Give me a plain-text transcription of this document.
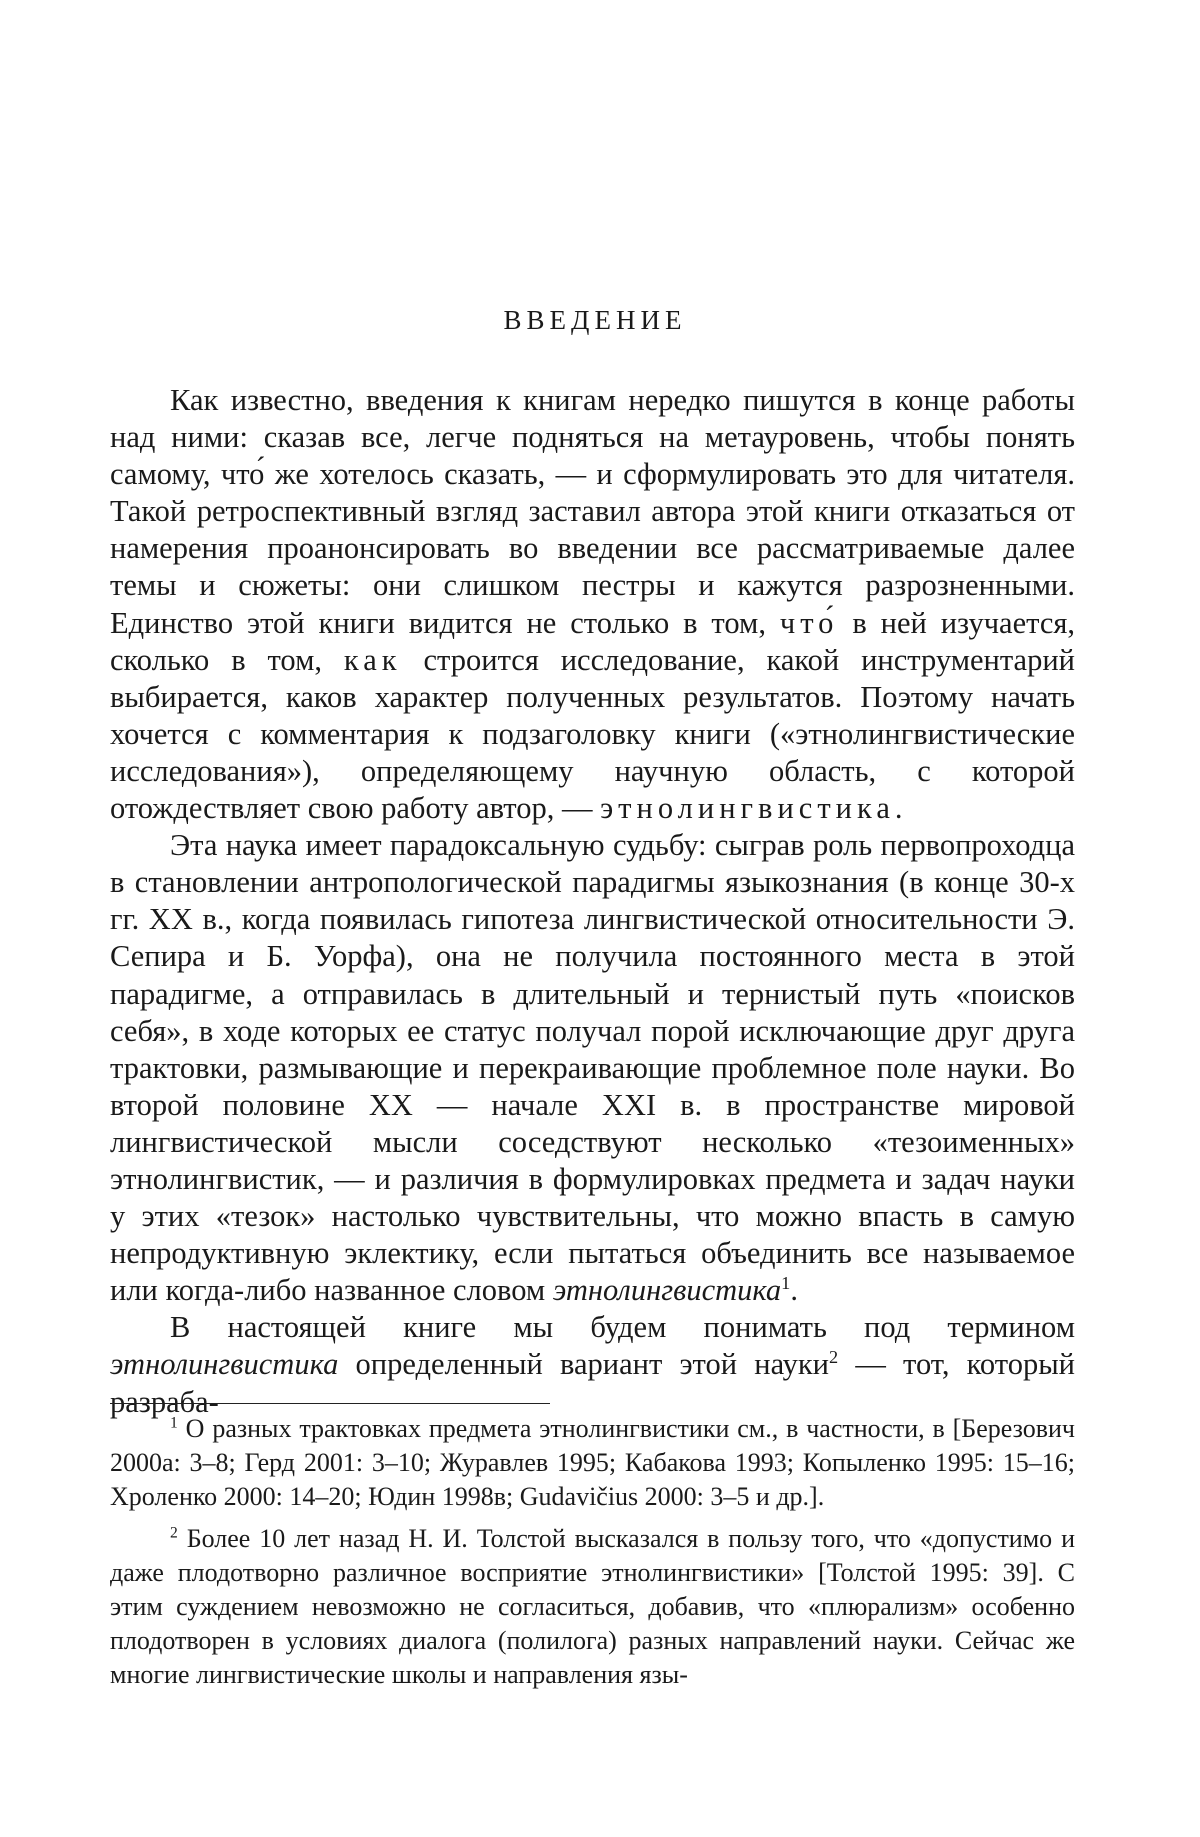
ВВЕДЕНИЕ

Как известно, введения к книгам нередко пишутся в конце работы над ними: сказав все, легче подняться на метауровень, чтобы понять самому, что́ же хотелось сказать, — и сформулировать это для читателя. Такой ретроспективный взгляд заставил автора этой книги отказаться от намерения проанонсировать во введении все рассматриваемые далее темы и сюжеты: они слишком пестры и кажутся разрозненными. Единство этой книги видится не столько в том, что́ в ней изучается, сколько в том, как строится исследование, какой инструментарий выбирается, каков характер полученных результатов. Поэтому начать хочется с комментария к подзаголовку книги («этнолингвистические исследования»), определяющему научную область, с которой отождествляет свою работу автор, — этнолингвистика.

Эта наука имеет парадоксальную судьбу: сыграв роль первопроходца в становлении антропологической парадигмы языкознания (в конце 30-х гг. XX в., когда появилась гипотеза лингвистической относительности Э. Сепира и Б. Уорфа), она не получила постоянного места в этой парадигме, а отправилась в длительный и тернистый путь «поисков себя», в ходе которых ее статус получал порой исключающие друг друга трактовки, размывающие и перекраивающие проблемное поле науки. Во второй половине XX — начале XXI в. в пространстве мировой лингвистической мысли соседствуют несколько «тезоименных» этнолингвистик, — и различия в формулировках предмета и задач науки у этих «тезок» настолько чувствительны, что можно впасть в самую непродуктивную эклектику, если пытаться объединить все называемое или когда-либо названное словом этнолингвистика$^1$.

В настоящей книге мы будем понимать под термином этнолингвистика определенный вариант этой науки$^2$ — тот, который разраба-

$^1$ О разных трактовках предмета этнолингвистики см., в частности, в [Березович 2000а: 3–8; Герд 2001: 3–10; Журавлев 1995; Кабакова 1993; Копыленко 1995: 15–16; Хроленко 2000: 14–20; Юдин 1998в; Gudavičius 2000: 3–5 и др.].

$^2$ Более 10 лет назад Н. И. Толстой высказался в пользу того, что «допустимо и даже плодотворно различное восприятие этнолингвистики» [Толстой 1995: 39]. С этим суждением невозможно не согласиться, добавив, что «плюрализм» особенно плодотворен в условиях диалога (полилога) разных направлений науки. Сейчас же многие лингвистические школы и направления язы-
